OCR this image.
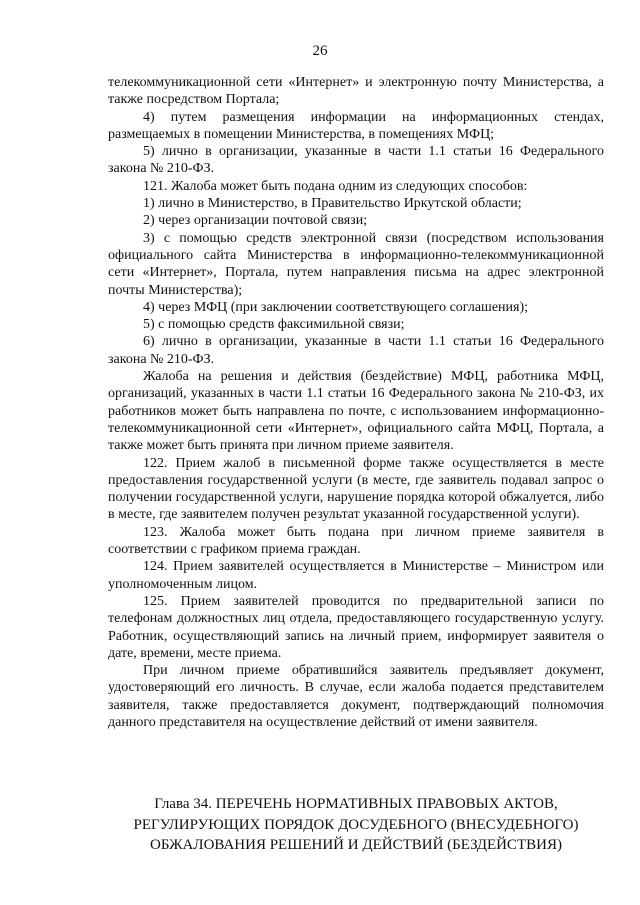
26

телекоммуникационной сети «Интернет» и электронную почту Министерства, а также посредством Портала;

4) путем размещения информации на информационных стендах, размещаемых в помещении Министерства, в помещениях МФЦ;

5) лично в организации, указанные в части 1.1 статьи 16 Федерального закона № 210-ФЗ.

121. Жалоба может быть подана одним из следующих способов:

1) лично в Министерство, в Правительство Иркутской области;

2) через организации почтовой связи;

3) с помощью средств электронной связи (посредством использования официального сайта Министерства в информационно-телекоммуникационной сети «Интернет», Портала, путем направления письма на адрес электронной почты Министерства);

4) через МФЦ (при заключении соответствующего соглашения);

5) с помощью средств факсимильной связи;

6) лично в организации, указанные в части 1.1 статьи 16 Федерального закона № 210-ФЗ.

Жалоба на решения и действия (бездействие) МФЦ, работника МФЦ, организаций, указанных в части 1.1 статьи 16 Федерального закона № 210-ФЗ, их работников может быть направлена по почте, с использованием информационно-телекоммуникационной сети «Интернет», официального сайта МФЦ, Портала, а также может быть принята при личном приеме заявителя.

122. Прием жалоб в письменной форме также осуществляется в месте предоставления государственной услуги (в месте, где заявитель подавал запрос о получении государственной услуги, нарушение порядка которой обжалуется, либо в месте, где заявителем получен результат указанной государственной услуги).

123. Жалоба может быть подана при личном приеме заявителя в соответствии с графиком приема граждан.

124. Прием заявителей осуществляется в Министерстве – Министром или уполномоченным лицом.

125. Прием заявителей проводится по предварительной записи по телефонам должностных лиц отдела, предоставляющего государственную услугу. Работник, осуществляющий запись на личный прием, информирует заявителя о дате, времени, месте приема.

При личном приеме обратившийся заявитель предъявляет документ, удостоверяющий его личность. В случае, если жалоба подается представителем заявителя, также предоставляется документ, подтверждающий полномочия данного представителя на осуществление действий от имени заявителя.

Глава 34. ПЕРЕЧЕНЬ НОРМАТИВНЫХ ПРАВОВЫХ АКТОВ,
РЕГУЛИРУЮЩИХ ПОРЯДОК ДОСУДЕБНОГО (ВНЕСУДЕБНОГО)
ОБЖАЛОВАНИЯ РЕШЕНИЙ И ДЕЙСТВИЙ (БЕЗДЕЙСТВИЯ)
